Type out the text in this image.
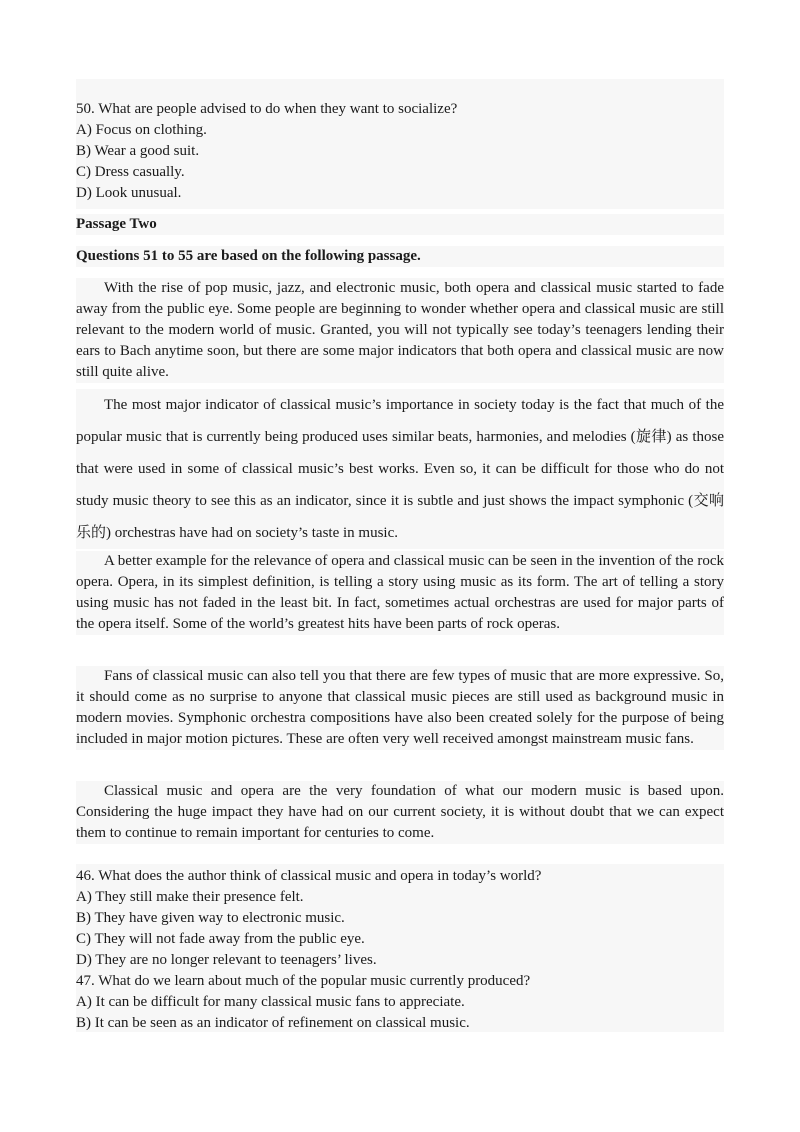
50. What are people advised to do when they want to socialize?
A) Focus on clothing.
B) Wear a good suit.
C) Dress casually.
D) Look unusual.
Passage Two
Questions 51 to 55 are based on the following passage.
With the rise of pop music, jazz, and electronic music, both opera and classical music started to fade away from the public eye. Some people are beginning to wonder whether opera and classical music are still relevant to the modern world of music. Granted, you will not typically see today’s teenagers lending their ears to Bach anytime soon, but there are some major indicators that both opera and classical music are now still quite alive.
The most major indicator of classical music’s importance in society today is the fact that much of the popular music that is currently being produced uses similar beats, harmonies, and melodies (旋律) as those that were used in some of classical music’s best works. Even so, it can be difficult for those who do not study music theory to see this as an indicator, since it is subtle and just shows the impact symphonic (交响乐的) orchestras have had on society’s taste in music.
A better example for the relevance of opera and classical music can be seen in the invention of the rock opera. Opera, in its simplest definition, is telling a story using music as its form. The art of telling a story using music has not faded in the least bit. In fact, sometimes actual orchestras are used for major parts of the opera itself. Some of the world’s greatest hits have been parts of rock operas.
Fans of classical music can also tell you that there are few types of music that are more expressive. So, it should come as no surprise to anyone that classical music pieces are still used as background music in modern movies. Symphonic orchestra compositions have also been created solely for the purpose of being included in major motion pictures. These are often very well received amongst mainstream music fans.
Classical music and opera are the very foundation of what our modern music is based upon. Considering the huge impact they have had on our current society, it is without doubt that we can expect them to continue to remain important for centuries to come.
46. What does the author think of classical music and opera in today’s world?
A) They still make their presence felt.
B) They have given way to electronic music.
C) They will not fade away from the public eye.
D) They are no longer relevant to teenagers’ lives.
47. What do we learn about much of the popular music currently produced?
A) It can be difficult for many classical music fans to appreciate.
B) It can be seen as an indicator of refinement on classical music.
